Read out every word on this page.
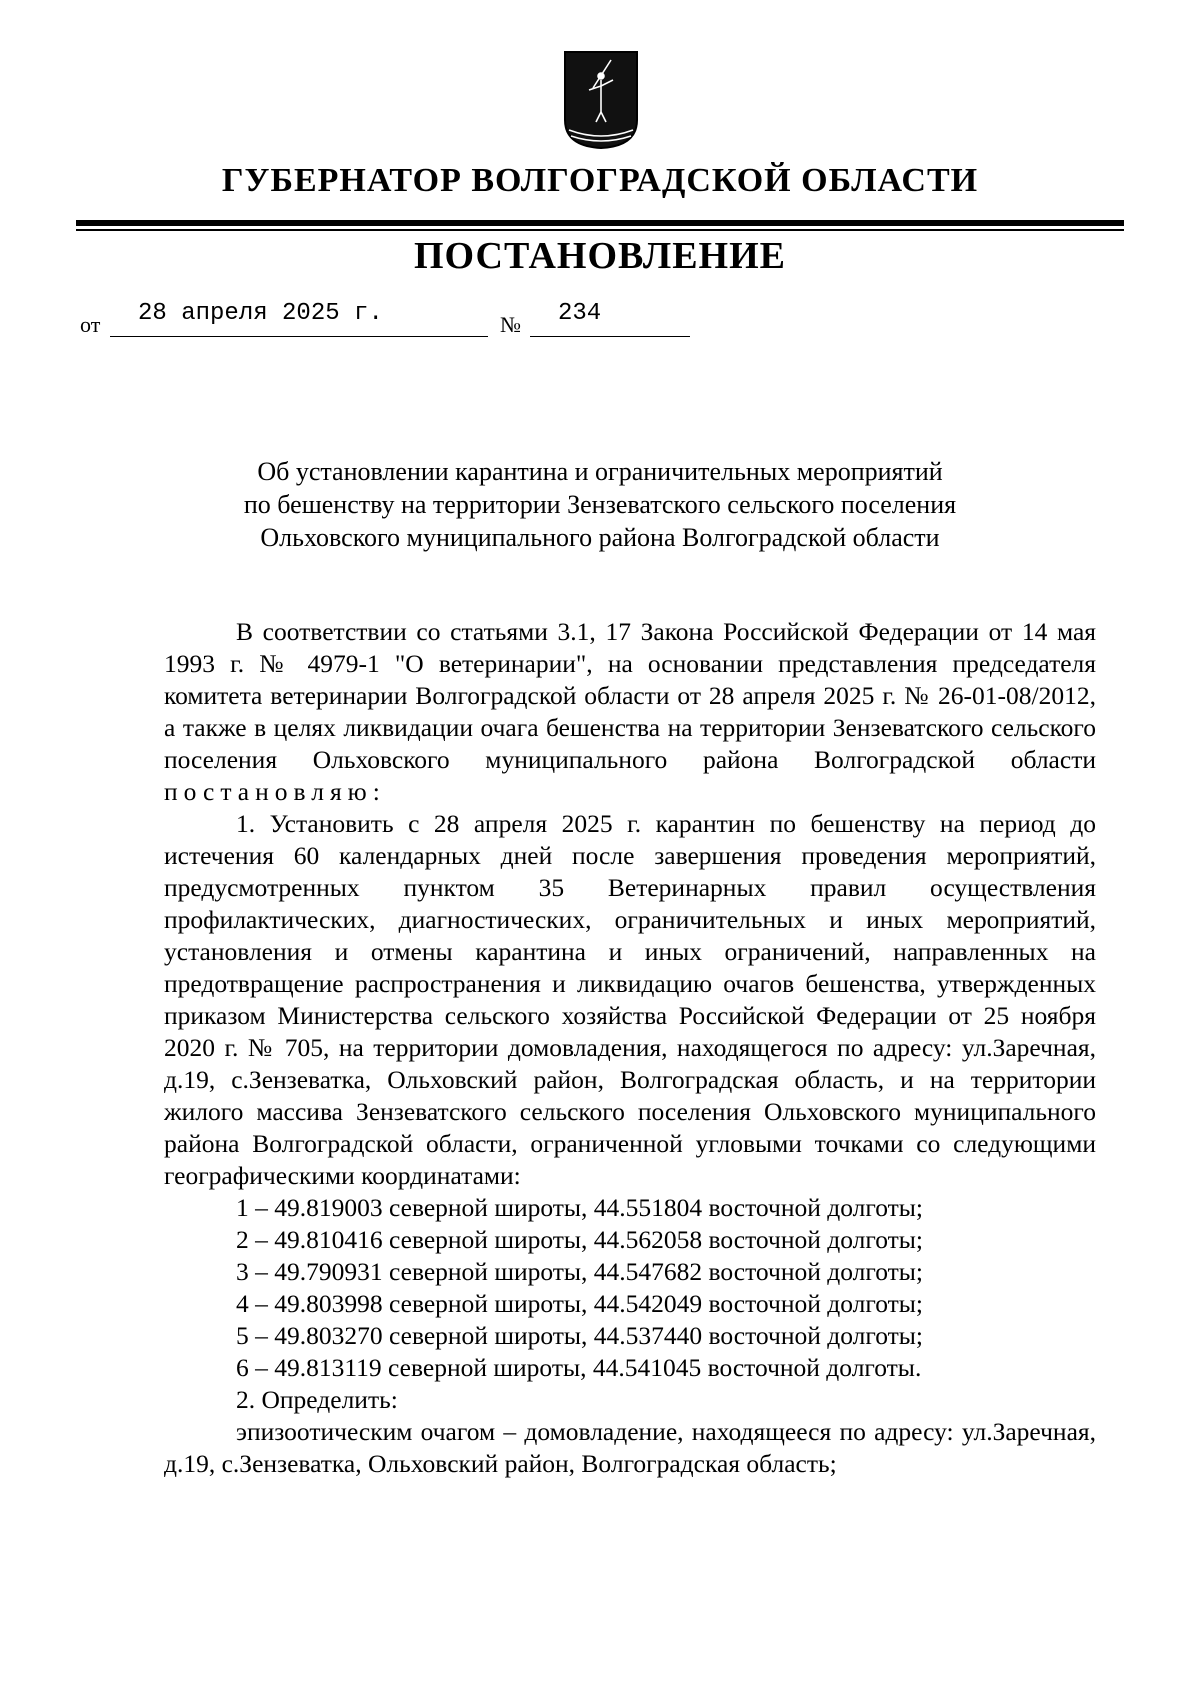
ГУБЕРНАТОР ВОЛГОГРАДСКОЙ ОБЛАСТИ
ПОСТАНОВЛЕНИЕ
от 28 апреля 2025 г.	№ 234
Об установлении карантина и ограничительных мероприятий
по бешенству на территории Зензеватского сельского поселения
Ольховского муниципального района Волгоградской области

В соответствии со статьями 3.1, 17 Закона Российской Федерации от 14 мая 1993 г. № 4979-1 "О ветеринарии", на основании представления председателя комитета ветеринарии Волгоградской области от 28 апреля 2025 г. № 26-01-08/2012, а также в целях ликвидации очага бешенства на территории Зензеватского сельского поселения Ольховского муниципального района Волгоградской области постановляю:

1. Установить с 28 апреля 2025 г. карантин по бешенству на период до истечения 60 календарных дней после завершения проведения мероприятий, предусмотренных пунктом 35 Ветеринарных правил осуществления профилактических, диагностических, ограничительных и иных мероприятий, установления и отмены карантина и иных ограничений, направленных на предотвращение распространения и ликвидацию очагов бешенства, утвержденных приказом Министерства сельского хозяйства Российской Федерации от 25 ноября 2020 г. № 705, на территории домовладения, находящегося по адресу: ул.Заречная, д.19, с.Зензеватка, Ольховский район, Волгоградская область, и на территории жилого массива Зензеватского сельского поселения Ольховского муниципального района Волгоградской области, ограниченной угловыми точками со следующими географическими координатами:

1 – 49.819003 северной широты, 44.551804 восточной долготы;

2 – 49.810416 северной широты, 44.562058 восточной долготы;

3 – 49.790931 северной широты, 44.547682 восточной долготы;

4 – 49.803998 северной широты, 44.542049 восточной долготы;

5 – 49.803270 северной широты, 44.537440 восточной долготы;

6 – 49.813119 северной широты, 44.541045 восточной долготы.

2. Определить:

эпизоотическим очагом – домовладение, находящееся по адресу: ул.Заречная, д.19, с.Зензеватка, Ольховский район, Волгоградская область;
